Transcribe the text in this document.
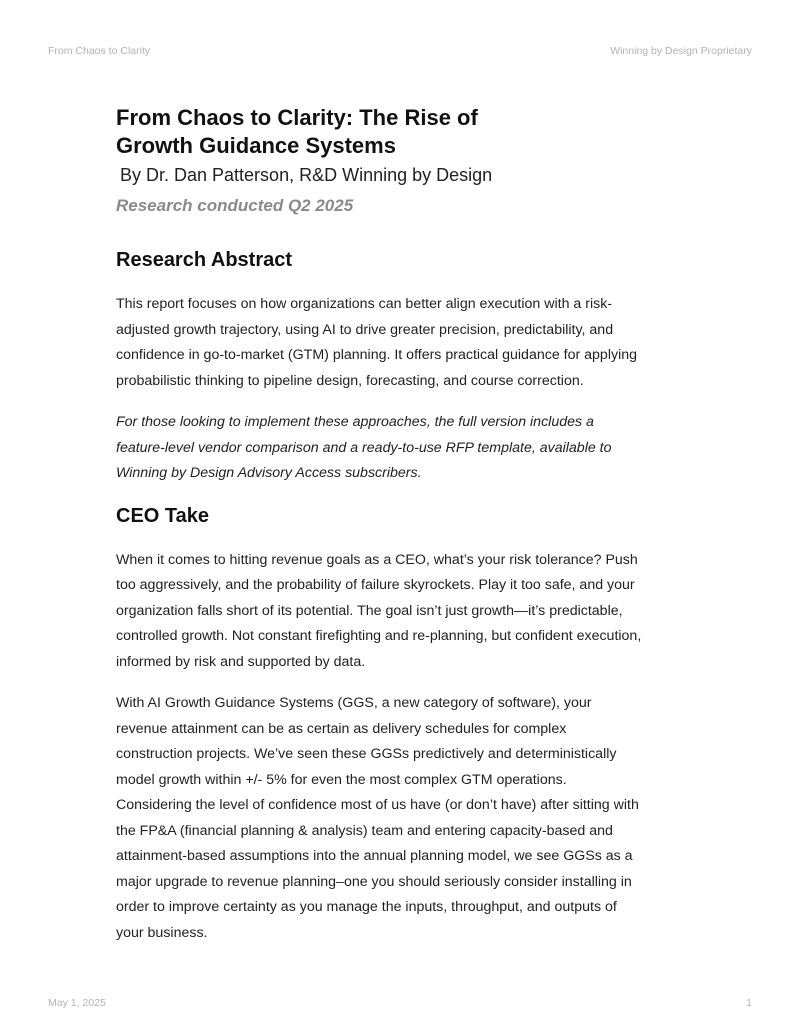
From Chaos to Clarity	Winning by Design Proprietary
From Chaos to Clarity: The Rise of Growth Guidance Systems
By Dr. Dan Patterson, R&D Winning by Design
Research conducted Q2 2025
Research Abstract

This report focuses on how organizations can better align execution with a risk-adjusted growth trajectory, using AI to drive greater precision, predictability, and confidence in go-to-market (GTM) planning. It offers practical guidance for applying probabilistic thinking to pipeline design, forecasting, and course correction.

For those looking to implement these approaches, the full version includes a feature-level vendor comparison and a ready-to-use RFP template, available to Winning by Design Advisory Access subscribers.

CEO Take

When it comes to hitting revenue goals as a CEO, what’s your risk tolerance? Push too aggressively, and the probability of failure skyrockets. Play it too safe, and your organization falls short of its potential. The goal isn’t just growth—it’s predictable, controlled growth. Not constant firefighting and re-planning, but confident execution, informed by risk and supported by data.

With AI Growth Guidance Systems (GGS, a new category of software), your revenue attainment can be as certain as delivery schedules for complex construction projects. We’ve seen these GGSs predictively and deterministically model growth within +/- 5% for even the most complex GTM operations. Considering the level of confidence most of us have (or don’t have) after sitting with the FP&A (financial planning & analysis) team and entering capacity-based and attainment-based assumptions into the annual planning model, we see GGSs as a major upgrade to revenue planning–one you should seriously consider installing in order to improve certainty as you manage the inputs, throughput, and outputs of your business.

May 1, 2025	1
